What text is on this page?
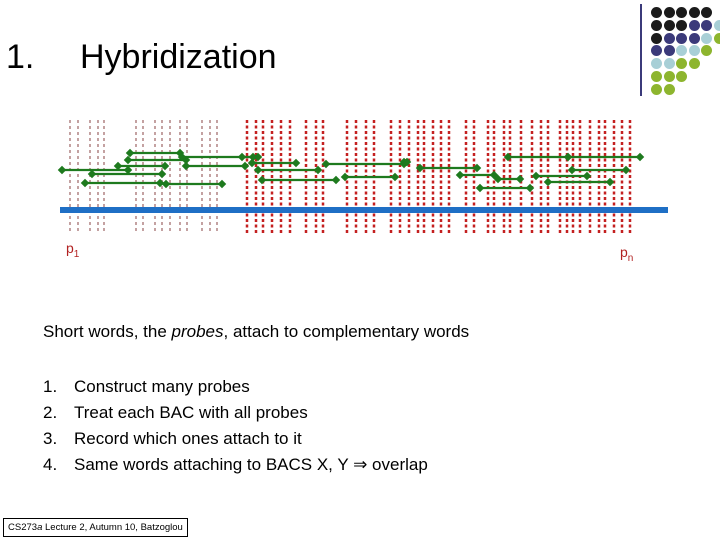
1. Hybridization
$p_1$	$p_n$
Short words, the probes, attach to complementary words
1. Construct many probes
2. Treat each BAC with all probes
3. Record which ones attach to it
4. Same words attaching to BACS X, Y ⇒ overlap
CS273a Lecture 2, Autumn 10, Batzoglou
